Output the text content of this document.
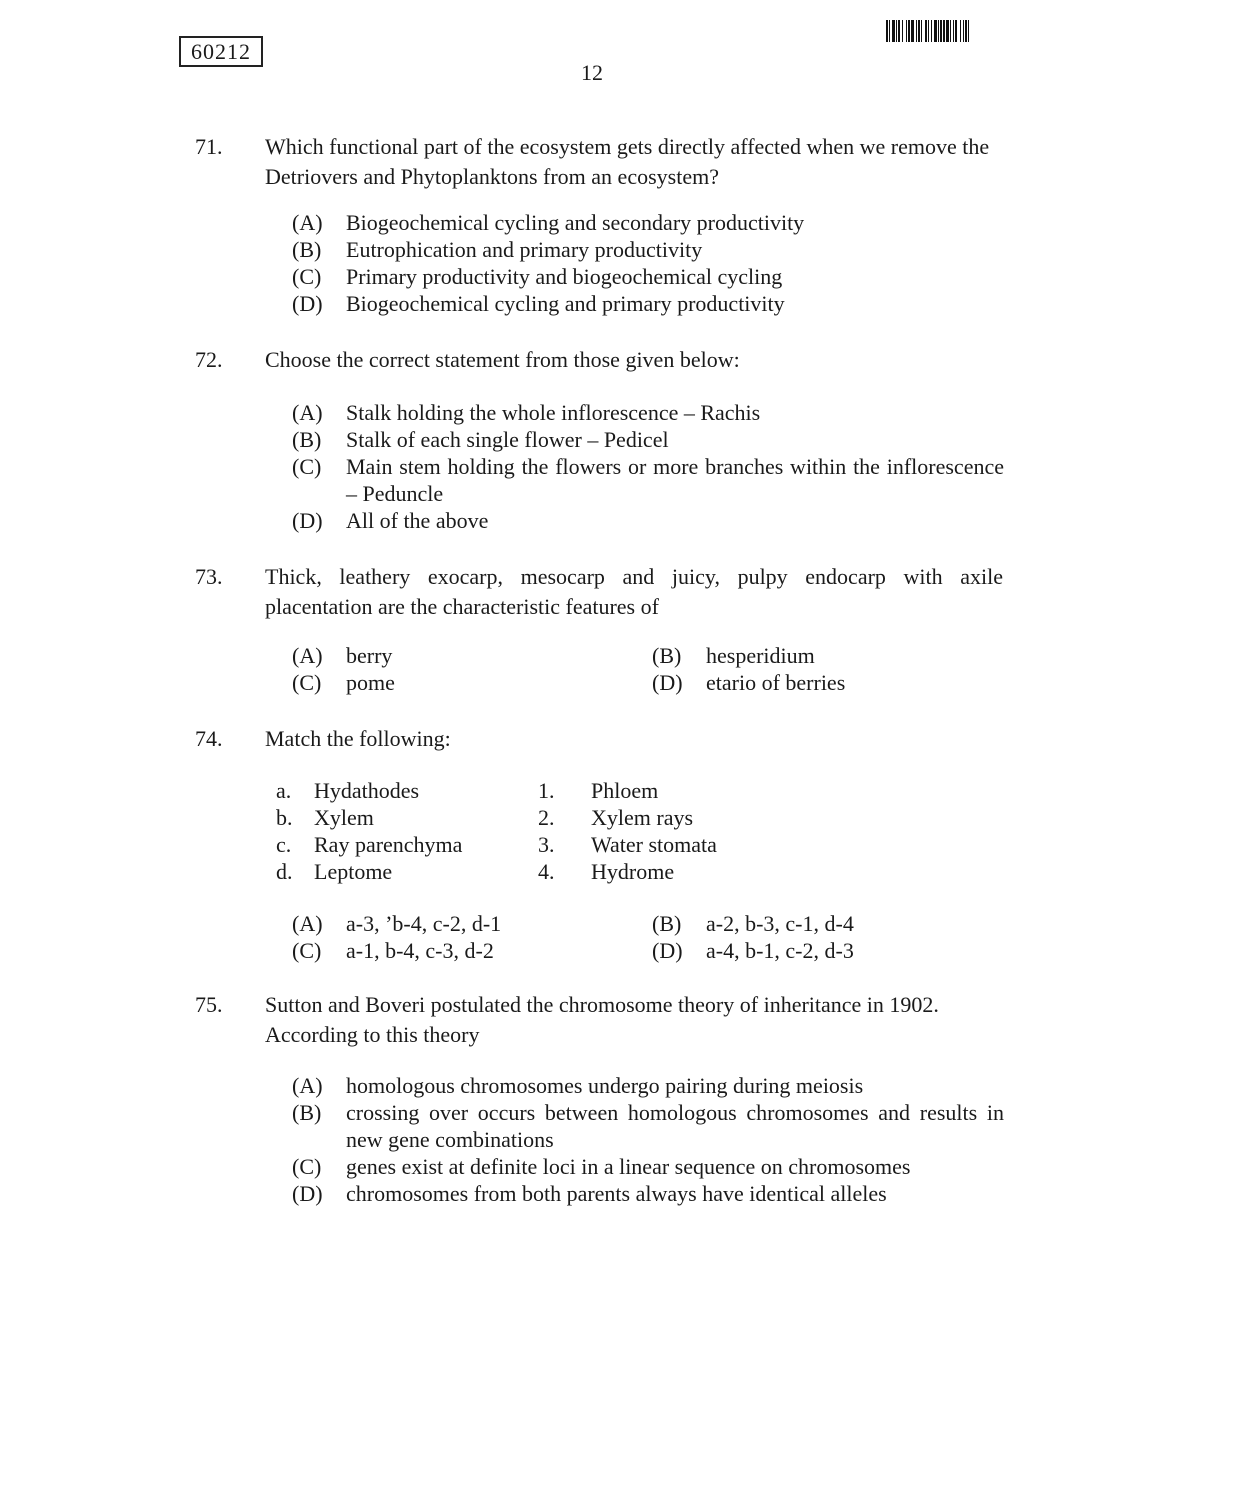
60212
12
71.	Which functional part of the ecosystem gets directly affected when we remove the Detriovers and Phytoplanktons from an ecosystem?
(A)	Biogeochemical cycling and secondary productivity
(B)	Eutrophication and primary productivity
(C)	Primary productivity and biogeochemical cycling
(D)	Biogeochemical cycling and primary productivity
72.	Choose the correct statement from those given below:
(A)	Stalk holding the whole inflorescence – Rachis
(B)	Stalk of each single flower – Pedicel
(C)	Main stem holding the flowers or more branches within the inflorescence – Peduncle
(D)	All of the above
73.	Thick, leathery exocarp, mesocarp and juicy, pulpy endocarp with axile placentation are the characteristic features of
(A)	berry	(B)	hesperidium
(C)	pome	(D)	etario of berries
74.	Match the following:
a.	Hydathodes	1.	Phloem
b. Xylem	2.	Xylem rays
c.	Ray parenchyma	3.	Water stomata
d. Leptome	4.	Hydrome
(A)	a-3, ’b-4, c-2, d-1	(B)	a-2, b-3, c-1, d-4
(C)	a-1, b-4, c-3, d-2	(D)	a-4, b-1, c-2, d-3
75.	Sutton and Boveri postulated the chromosome theory of inheritance in 1902. According to this theory
(A)	homologous chromosomes undergo pairing during meiosis
(B)	crossing over occurs between homologous chromosomes and results in new gene combinations
(C)	genes exist at definite loci in a linear sequence on chromosomes
(D)	chromosomes from both parents always have identical alleles
